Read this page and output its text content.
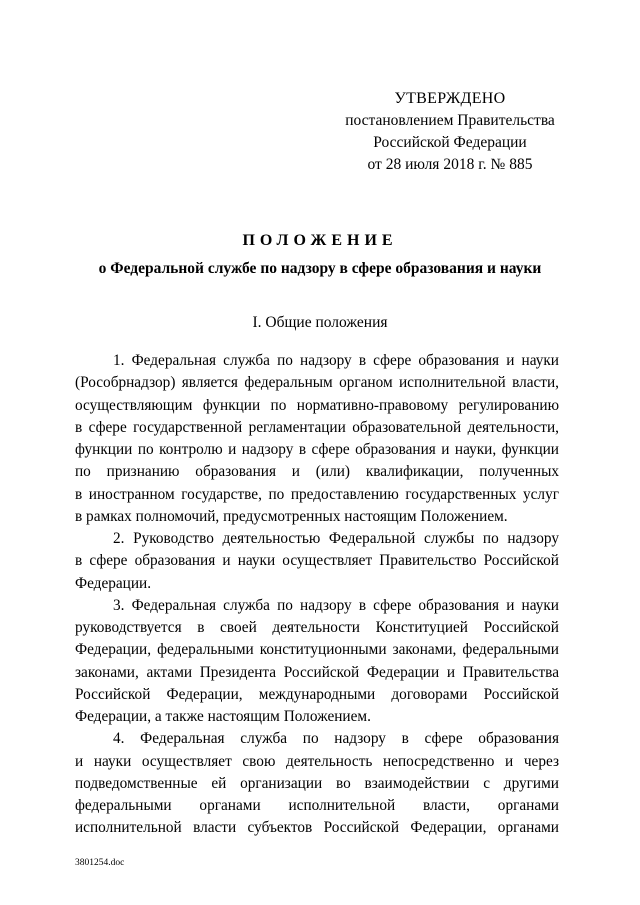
УТВЕРЖДЕНО
постановлением Правительства
Российской Федерации
от 28 июля 2018 г. № 885
ПОЛОЖЕНИЕ
о Федеральной службе по надзору в сфере образования и науки
I. Общие положения
1. Федеральная служба по надзору в сфере образования и науки
(Рособрнадзор) является федеральным органом исполнительной власти,
осуществляющим функции по нормативно-правовому регулированию
в сфере государственной регламентации образовательной деятельности,
функции по контролю и надзору в сфере образования и науки, функции
по признанию образования и (или) квалификации, полученных
в иностранном государстве, по предоставлению государственных услуг
в рамках полномочий, предусмотренных настоящим Положением.
2. Руководство деятельностью Федеральной службы по надзору
в сфере образования и науки осуществляет Правительство Российской
Федерации.
3. Федеральная служба по надзору в сфере образования и науки
руководствуется в своей деятельности Конституцией Российской
Федерации, федеральными конституционными законами, федеральными
законами, актами Президента Российской Федерации и Правительства
Российской Федерации, международными договорами Российской
Федерации, а также настоящим Положением.
4. Федеральная служба по надзору в сфере образования
и науки осуществляет свою деятельность непосредственно и через
подведомственные ей организации во взаимодействии с другими
федеральными органами исполнительной власти, органами
исполнительной власти субъектов Российской Федерации, органами
3801254.doc
